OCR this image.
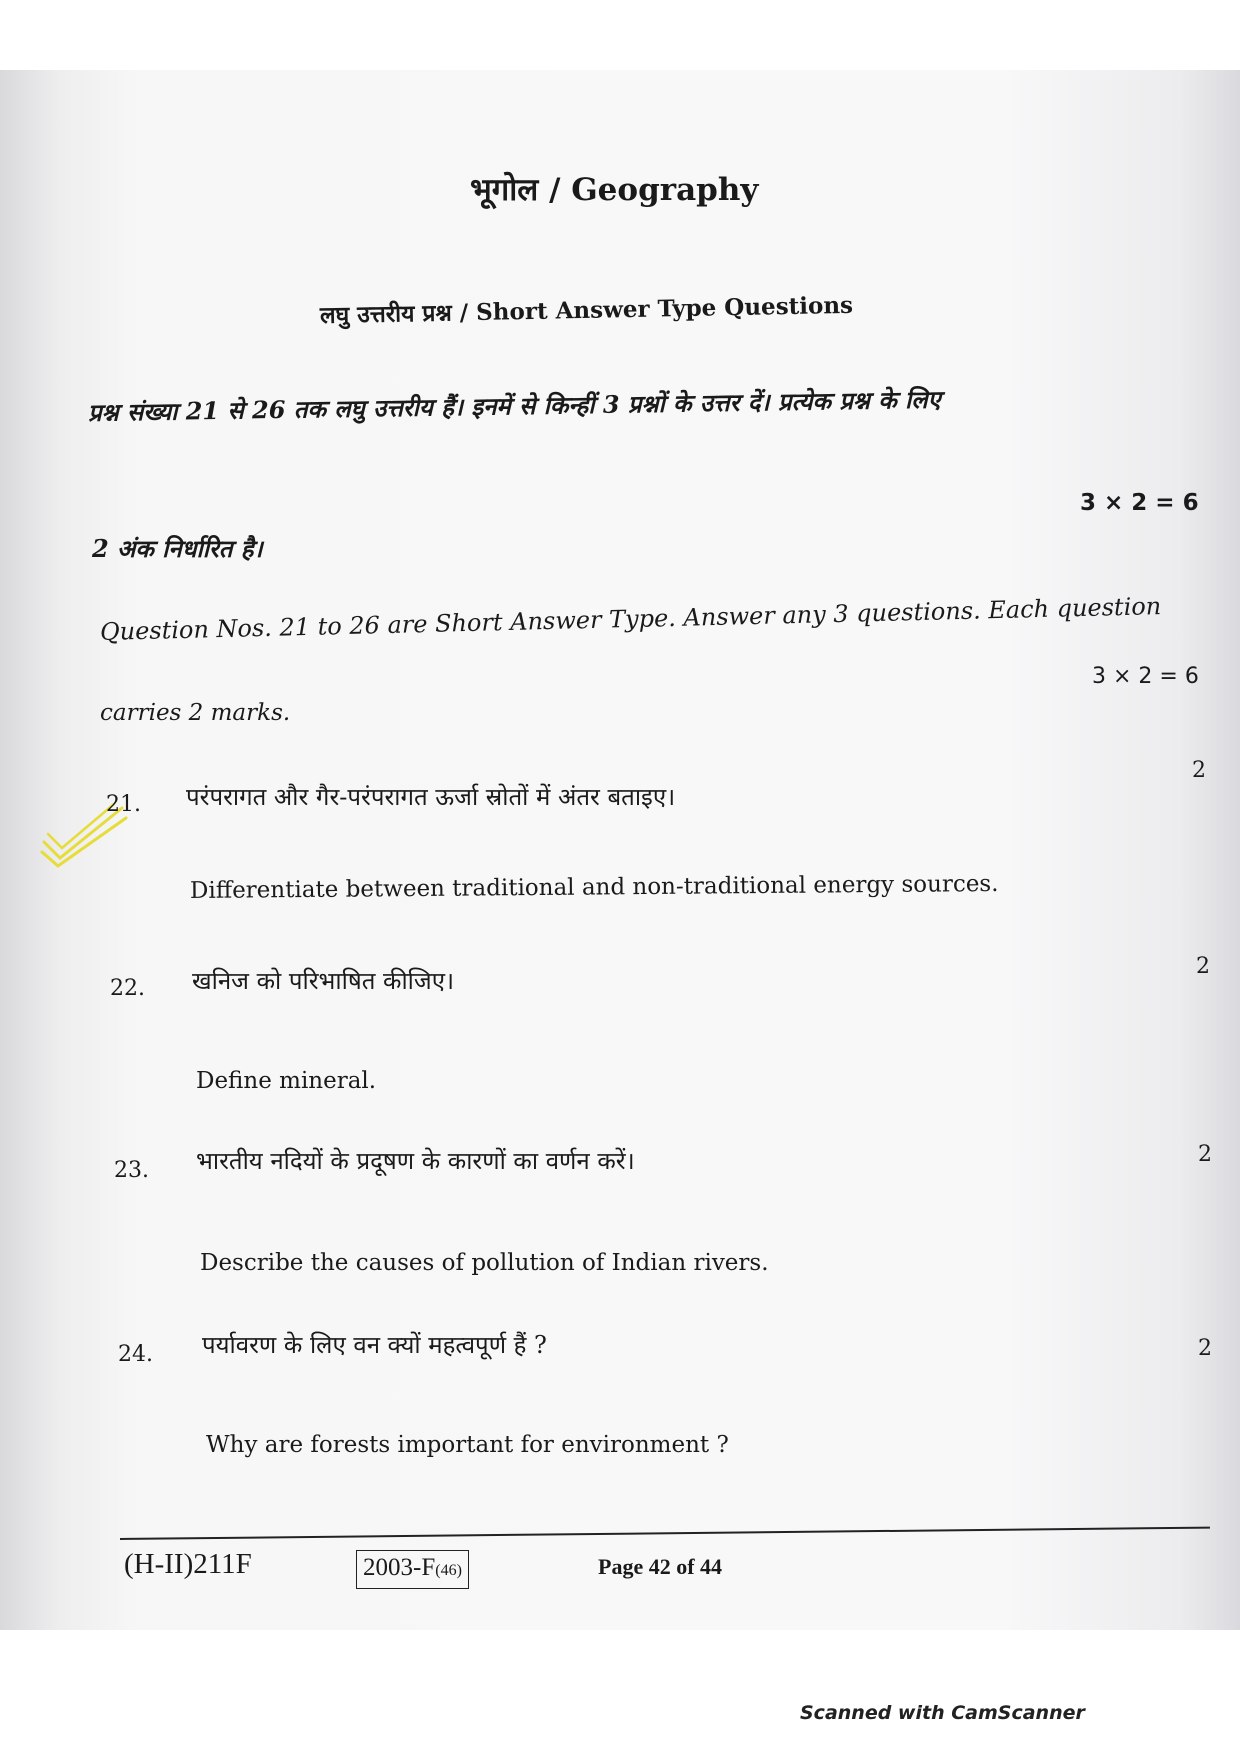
भूगोल / Geography
लघु उत्तरीय प्रश्न / Short Answer Type Questions
प्रश्न संख्या 21 से 26 तक लघु उत्तरीय हैं। इनमें से किन्हीं 3 प्रश्नों के उत्तर दें। प्रत्येक प्रश्न के लिए
3 × 2 = 6
2 अंक निर्धारित है।
Question Nos. 21 to 26 are Short Answer Type. Answer any 3 questions. Each question
3 × 2 = 6
carries 2 marks.
21. परंपरागत और गैर-परंपरागत ऊर्जा स्रोतों में अंतर बताइए।
2
Differentiate between traditional and non-traditional energy sources.
22. खनिज को परिभाषित कीजिए।
2
Define mineral.
23. भारतीय नदियों के प्रदूषण के कारणों का वर्णन करें।	2
Describe the causes of pollution of Indian rivers.
24. पर्यावरण के लिए वन क्यों महत्वपूर्ण हैं ?	2
Why are forests important for environment ?
(H-II)211F	2003-F(46)	Page 42 of 44
Scanned with CamScanner
